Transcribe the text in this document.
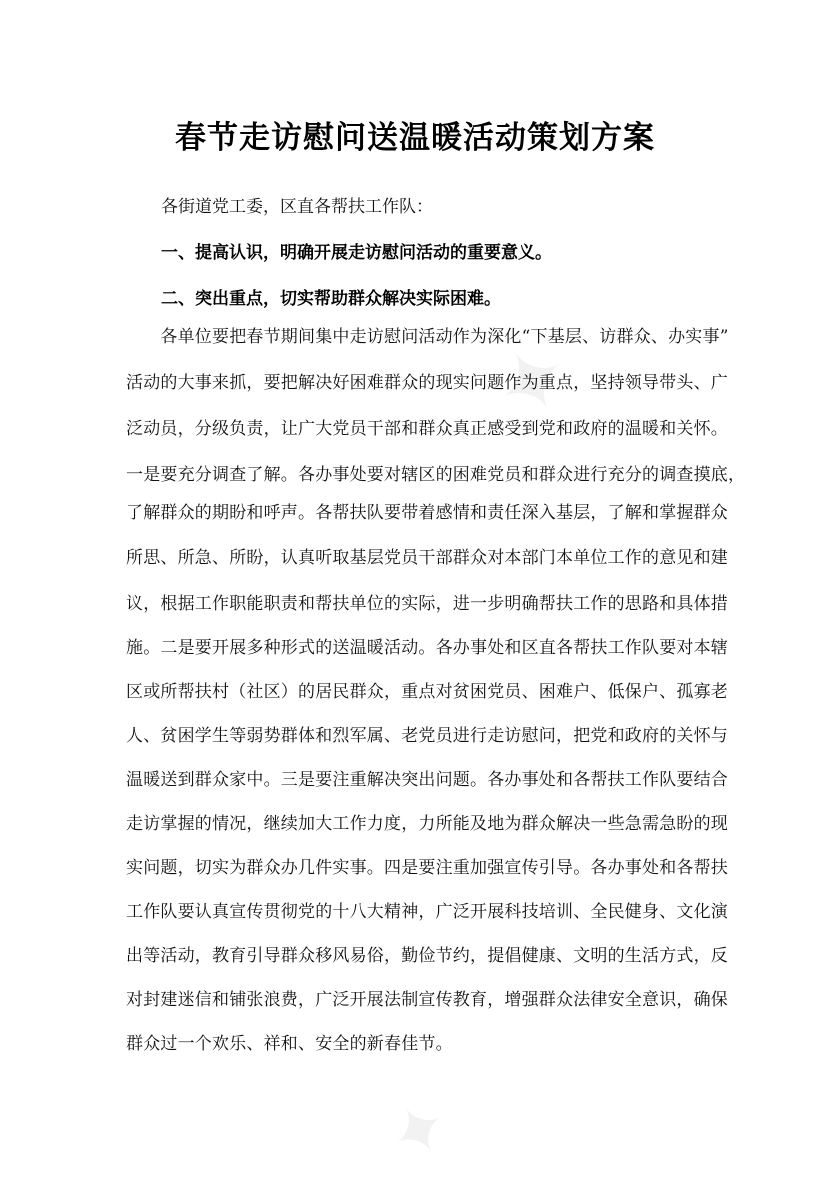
✦
✦
春节走访慰问送温暖活动策划方案
各街道党工委，区直各帮扶工作队：
一、提高认识，明确开展走访慰问活动的重要意义。
二、突出重点，切实帮助群众解决实际困难。
　　各单位要把春节期间集中走访慰问活动作为深化“下基层、访群众、办实事”
活动的大事来抓，要把解决好困难群众的现实问题作为重点，坚持领导带头、广
泛动员，分级负责，让广大党员干部和群众真正感受到党和政府的温暖和关怀。
一是要充分调查了解。各办事处要对辖区的困难党员和群众进行充分的调查摸底，
了解群众的期盼和呼声。各帮扶队要带着感情和责任深入基层，了解和掌握群众
所思、所急、所盼，认真听取基层党员干部群众对本部门本单位工作的意见和建
议，根据工作职能职责和帮扶单位的实际，进一步明确帮扶工作的思路和具体措
施。二是要开展多种形式的送温暖活动。各办事处和区直各帮扶工作队要对本辖
区或所帮扶村（社区）的居民群众，重点对贫困党员、困难户、低保户、孤寡老
人、贫困学生等弱势群体和烈军属、老党员进行走访慰问，把党和政府的关怀与
温暖送到群众家中。三是要注重解决突出问题。各办事处和各帮扶工作队要结合
走访掌握的情况，继续加大工作力度，力所能及地为群众解决一些急需急盼的现
实问题，切实为群众办几件实事。四是要注重加强宣传引导。各办事处和各帮扶
工作队要认真宣传贯彻党的十八大精神，广泛开展科技培训、全民健身、文化演
出等活动，教育引导群众移风易俗，勤俭节约，提倡健康、文明的生活方式，反
对封建迷信和铺张浪费，广泛开展法制宣传教育，增强群众法律安全意识，确保
群众过一个欢乐、祥和、安全的新春佳节。
